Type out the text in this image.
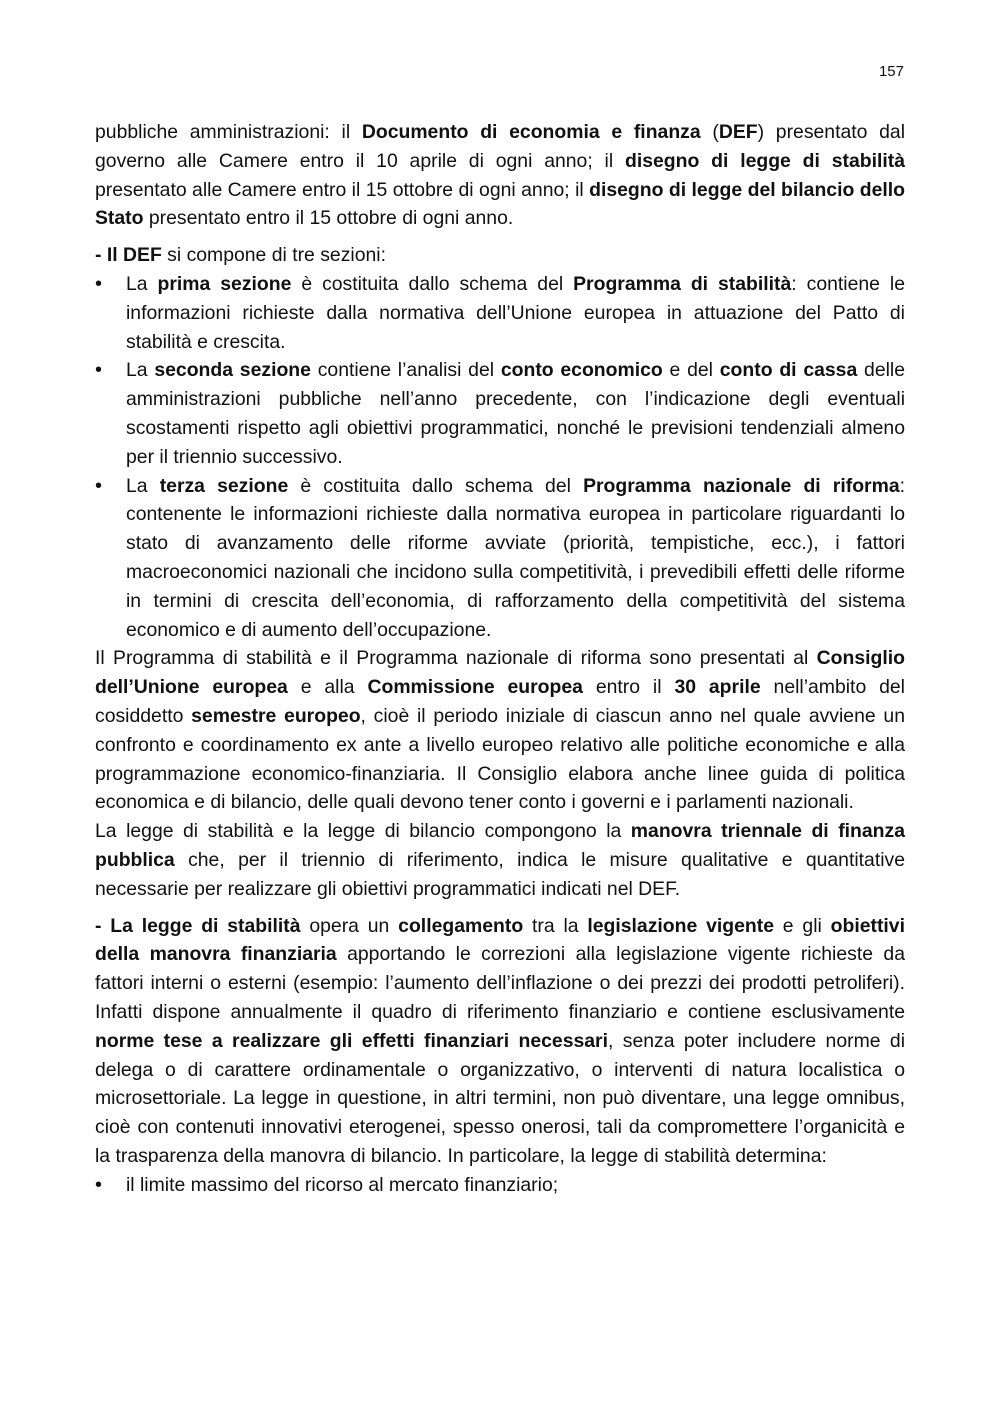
157

pubbliche amministrazioni: il Documento di economia e finanza (DEF) presentato dal governo alle Camere entro il 10 aprile di ogni anno; il disegno di legge di stabilità presentato alle Camere entro il 15 ottobre di ogni anno; il disegno di legge del bilancio dello Stato presentato entro il 15 ottobre di ogni anno.

- Il DEF si compone di tre sezioni:

• La prima sezione è costituita dallo schema del Programma di stabilità: contiene le informazioni richieste dalla normativa dell’Unione europea in attuazione del Patto di stabilità e crescita.
• La seconda sezione contiene l’analisi del conto economico e del conto di cassa delle amministrazioni pubbliche nell’anno precedente, con l’indicazione degli eventuali scostamenti rispetto agli obiettivi programmatici, nonché le previsioni tendenziali almeno per il triennio successivo.
• La terza sezione è costituita dallo schema del Programma nazionale di riforma: contenente le informazioni richieste dalla normativa europea in particolare riguardanti lo stato di avanzamento delle riforme avviate (priorità, tempistiche, ecc.), i fattori macroeconomici nazionali che incidono sulla competitività, i prevedibili effetti delle riforme in termini di crescita dell’economia, di rafforzamento della competitività del sistema economico e di aumento dell’occupazione.

Il Programma di stabilità e il Programma nazionale di riforma sono presentati al Consiglio dell’Unione europea e alla Commissione europea entro il 30 aprile nell’ambito del cosiddetto semestre europeo, cioè il periodo iniziale di ciascun anno nel quale avviene un confronto e coordinamento ex ante a livello europeo relativo alle politiche economiche e alla programmazione economico-finanziaria. Il Consiglio elabora anche linee guida di politica economica e di bilancio, delle quali devono tener conto i governi e i parlamenti nazionali.

La legge di stabilità e la legge di bilancio compongono la manovra triennale di finanza pubblica che, per il triennio di riferimento, indica le misure qualitative e quantitative necessarie per realizzare gli obiettivi programmatici indicati nel DEF.

- La legge di stabilità opera un collegamento tra la legislazione vigente e gli obiettivi della manovra finanziaria apportando le correzioni alla legislazione vigente richieste da fattori interni o esterni (esempio: l’aumento dell’inflazione o dei prezzi dei prodotti petroliferi). Infatti dispone annualmente il quadro di riferimento finanziario e contiene esclusivamente norme tese a realizzare gli effetti finanziari necessari, senza poter includere norme di delega o di carattere ordinamentale o organizzativo, o interventi di natura localistica o microsettoriale. La legge in questione, in altri termini, non può diventare, una legge omnibus, cioè con contenuti innovativi eterogenei, spesso onerosi, tali da compromettere l’organicità e la trasparenza della manovra di bilancio. In particolare, la legge di stabilità determina:

• il limite massimo del ricorso al mercato finanziario;
